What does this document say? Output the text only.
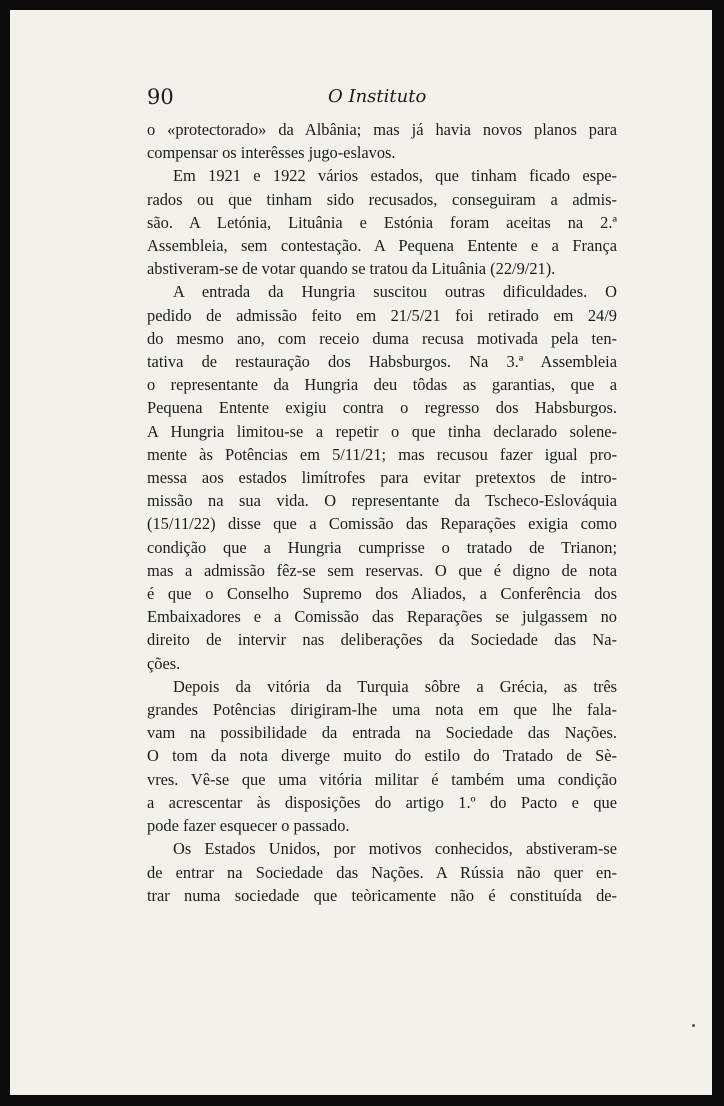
90	O Instituto

o «protectorado» da Albânia; mas já havia novos planos para
compensar os interêsses jugo-eslavos.

Em 1921 e 1922 vários estados, que tinham ficado espe-
rados ou que tinham sido recusados, conseguiram a admis-
são. A Letónia, Lituânia e Estónia foram aceitas na 2.ª
Assembleia, sem contestação. A Pequena Entente e a França
abstiveram-se de votar quando se tratou da Lituânia (22/9/21).

A entrada da Hungria suscitou outras dificuldades. O
pedido de admissão feito em 21/5/21 foi retirado em 24/9
do mesmo ano, com receio duma recusa motivada pela ten-
tativa de restauração dos Habsburgos. Na 3.ª Assembleia
o representante da Hungria deu tôdas as garantias, que a
Pequena Entente exigiu contra o regresso dos Habsburgos.
A Hungria limitou-se a repetir o que tinha declarado solene-
mente às Potências em 5/11/21; mas recusou fazer igual pro-
messa aos estados limítrofes para evitar pretextos de intro-
missão na sua vida. O representante da Tscheco-Eslováquia
(15/11/22) disse que a Comissão das Reparações exigia como
condição que a Hungria cumprisse o tratado de Trianon;
mas a admissão fêz-se sem reservas. O que é digno de nota
é que o Conselho Supremo dos Aliados, a Conferência dos
Embaixadores e a Comissão das Reparações se julgassem no
direito de intervir nas deliberações da Sociedade das Na-
ções.

Depois da vitória da Turquia sôbre a Grécia, as três
grandes Potências dirigiram-lhe uma nota em que lhe fala-
vam na possibilidade da entrada na Sociedade das Nações.
O tom da nota diverge muito do estilo do Tratado de Sè-
vres. Vê-se que uma vitória militar é também uma condição
a acrescentar às disposições do artigo 1.º do Pacto e que
pode fazer esquecer o passado.

Os Estados Unidos, por motivos conhecidos, abstiveram-se
de entrar na Sociedade das Nações. A Rússia não quer en-
trar numa sociedade que teòricamente não é constituída de-
